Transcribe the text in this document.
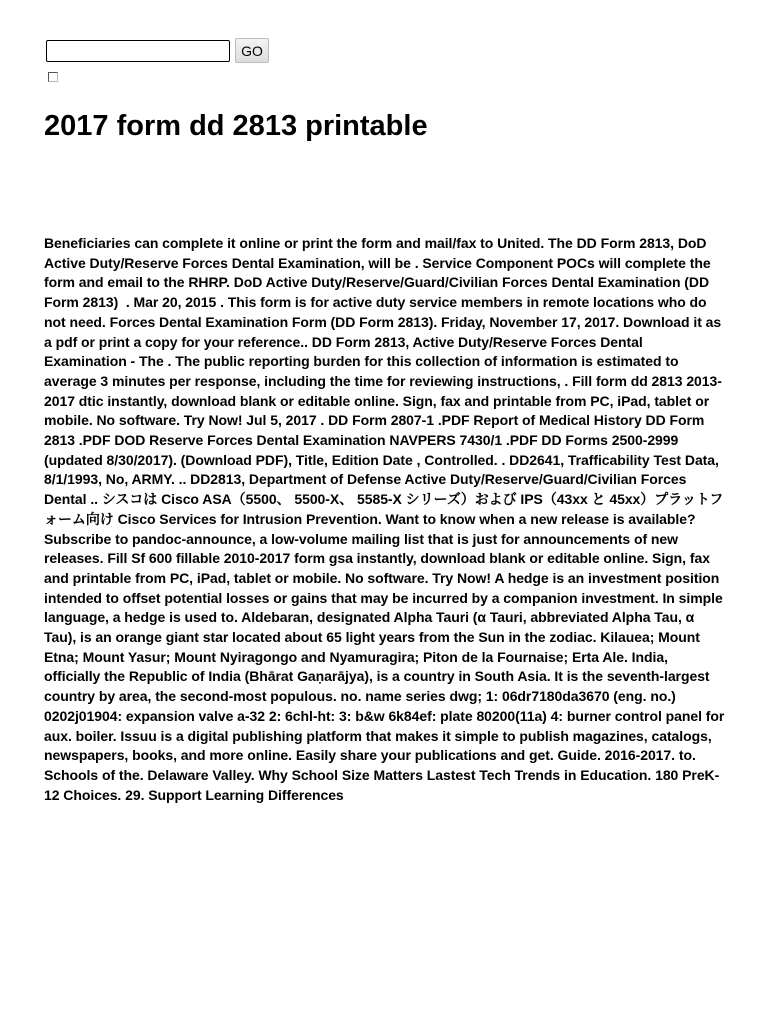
GO
2017 form dd 2813 printable

Beneficiaries can complete it online or print the form and mail/fax to United. The DD Form 2813, DoD Active Duty/Reserve Forces Dental Examination, will be . Service Component POCs will complete the form and email to the RHRP. DoD Active Duty/Reserve/Guard/Civilian Forces Dental Examination (DD Form 2813)  . Mar 20, 2015 . This form is for active duty service members in remote locations who do not need. Forces Dental Examination Form (DD Form 2813). Friday, November 17, 2017. Download it as a pdf or print a copy for your reference.. DD Form 2813, Active Duty/Reserve Forces Dental Examination - The . The public reporting burden for this collection of information is estimated to average 3 minutes per response, including the time for reviewing instructions, . Fill form dd 2813 2013-2017 dtic instantly, download blank or editable online. Sign, fax and printable from PC, iPad, tablet or mobile. No software. Try Now! Jul 5, 2017 . DD Form 2807-1 .PDF Report of Medical History DD Form 2813 .PDF DOD Reserve Forces Dental Examination NAVPERS 7430/1 .PDF DD Forms 2500-2999 (updated 8/30/2017). (Download PDF), Title, Edition Date , Controlled. . DD2641, Trafficability Test Data, 8/1/1993, No, ARMY. .. DD2813, Department of Defense Active Duty/Reserve/Guard/Civilian Forces Dental .. シスコは Cisco ASA（5500、 5500-X、 5585-X シリーズ）および IPS（43xx と 45xx）プラットフォーム向け Cisco Services for Intrusion Prevention. Want to know when a new release is available? Subscribe to pandoc-announce, a low-volume mailing list that is just for announcements of new releases. Fill Sf 600 fillable 2010-2017 form gsa instantly, download blank or editable online. Sign, fax and printable from PC, iPad, tablet or mobile. No software. Try Now! A hedge is an investment position intended to offset potential losses or gains that may be incurred by a companion investment. In simple language, a hedge is used to. Aldebaran, designated Alpha Tauri (α Tauri, abbreviated Alpha Tau, α Tau), is an orange giant star located about 65 light years from the Sun in the zodiac. Kilauea; Mount Etna; Mount Yasur; Mount Nyiragongo and Nyamuragira; Piton de la Fournaise; Erta Ale. India, officially the Republic of India (Bhārat Gaṇarājya), is a country in South Asia. It is the seventh-largest country by area, the second-most populous. no. name series dwg; 1: 06dr7180da3670 (eng. no.) 0202j01904: expansion valve a-32 2: 6chl-ht: 3: b&w 6k84ef: plate 80200(11a) 4: burner control panel for aux. boiler. Issuu is a digital publishing platform that makes it simple to publish magazines, catalogs, newspapers, books, and more online. Easily share your publications and get. Guide. 2016-2017. to. Schools of the. Delaware Valley. Why School Size Matters Lastest Tech Trends in Education. 180 PreK-12 Choices. 29. Support Learning Differences
